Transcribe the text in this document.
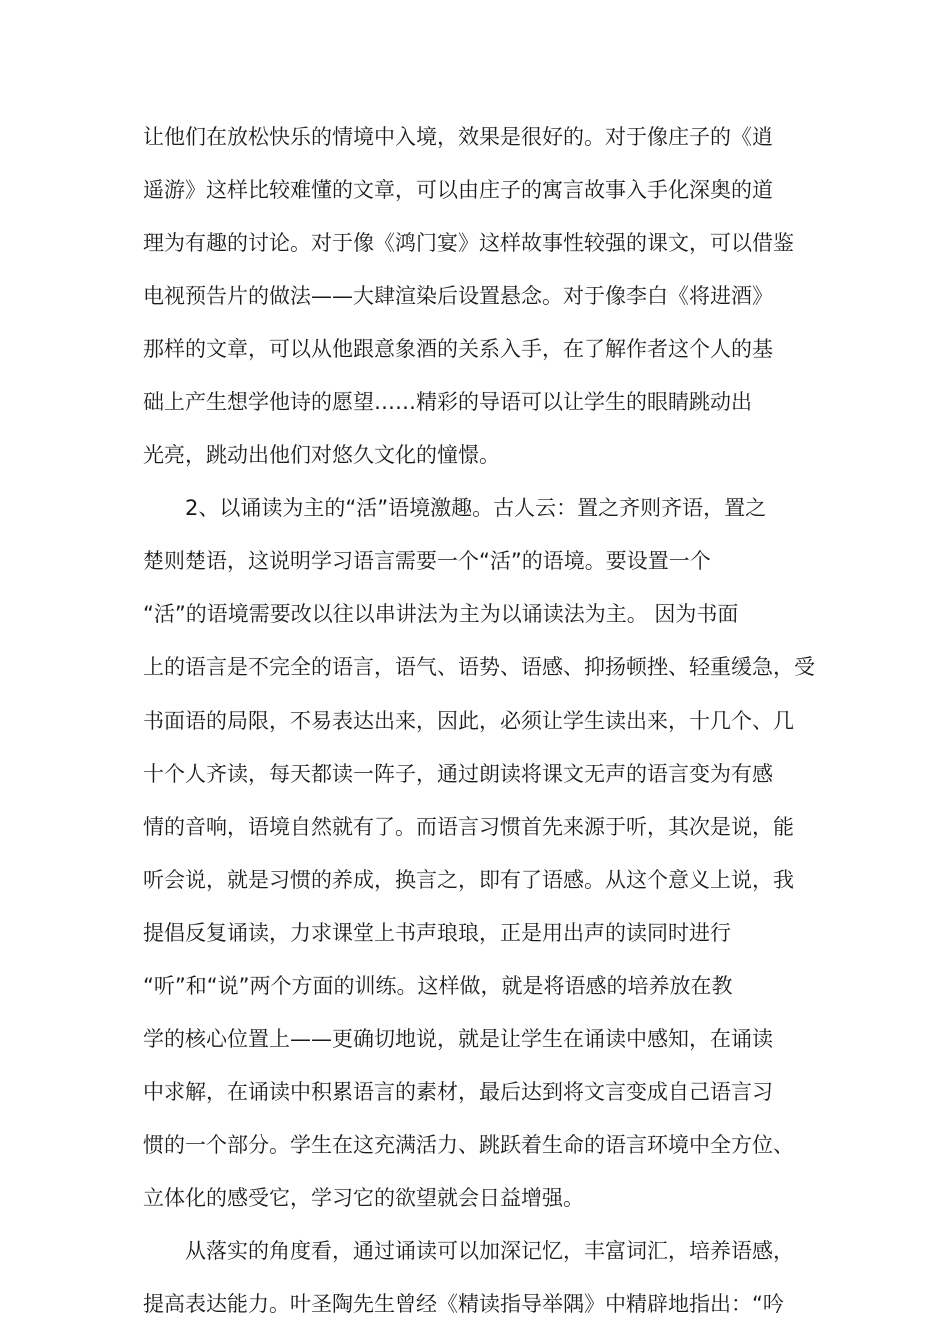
让他们在放松快乐的情境中入境，效果是很好的。对于像庄子的《逍
遥游》这样比较难懂的文章，可以由庄子的寓言故事入手化深奥的道
理为有趣的讨论。对于像《鸿门宴》这样故事性较强的课文，可以借鉴
电视预告片的做法——大肆渲染后设置悬念。对于像李白《将进酒》
那样的文章，可以从他跟意象酒的关系入手，在了解作者这个人的基
础上产生想学他诗的愿望……精彩的导语可以让学生的眼睛跳动出
光亮，跳动出他们对悠久文化的憧憬。
2、以诵读为主的“活”语境激趣。古人云：置之齐则齐语，置之
楚则楚语，这说明学习语言需要一个“活”的语境。要设置一个
“活”的语境需要改以往以串讲法为主为以诵读法为主。 因为书面
上的语言是不完全的语言，语气、语势、语感、抑扬顿挫、轻重缓急，受
书面语的局限，不易表达出来，因此，必须让学生读出来，十几个、几
十个人齐读，每天都读一阵子，通过朗读将课文无声的语言变为有感
情的音响，语境自然就有了。而语言习惯首先来源于听，其次是说，能
听会说，就是习惯的养成，换言之，即有了语感。从这个意义上说，我
提倡反复诵读，力求课堂上书声琅琅，正是用出声的读同时进行
“听”和“说”两个方面的训练。这样做，就是将语感的培养放在教
学的核心位置上——更确切地说，就是让学生在诵读中感知，在诵读
中求解，在诵读中积累语言的素材，最后达到将文言变成自己语言习
惯的一个部分。学生在这充满活力、跳跃着生命的语言环境中全方位、
立体化的感受它，学习它的欲望就会日益增强。
从落实的角度看，通过诵读可以加深记忆，丰富词汇，培养语感，
提高表达能力。叶圣陶先生曾经《精读指导举隅》中精辟地指出：“吟
